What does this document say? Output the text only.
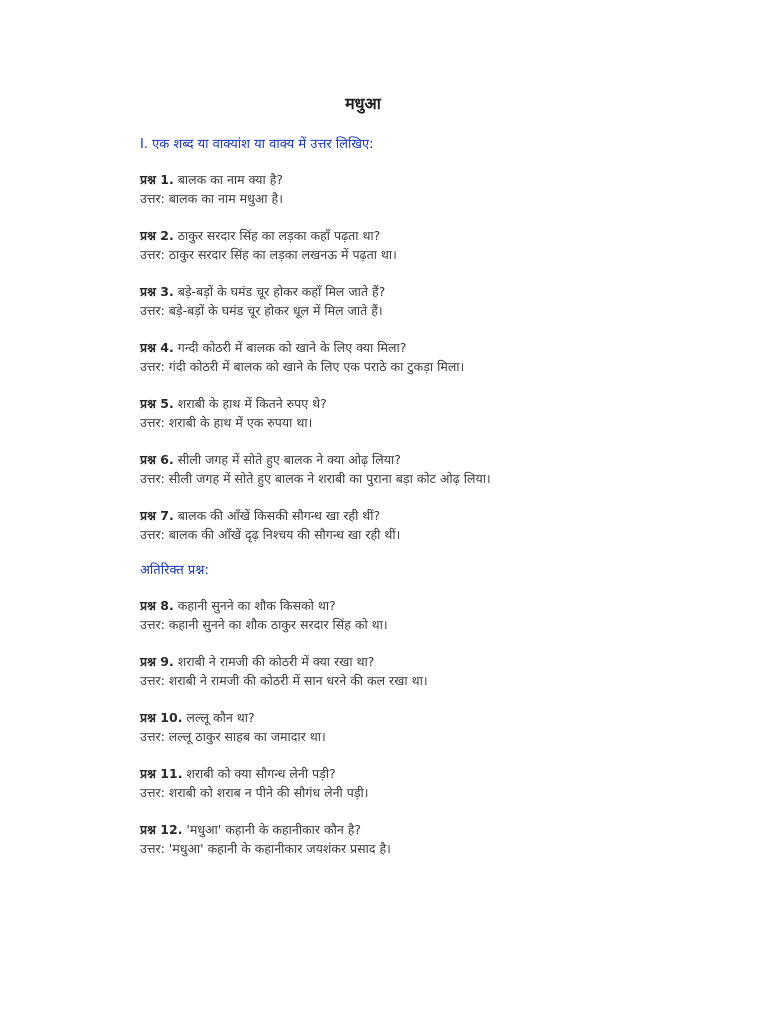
मधुआ
I. एक शब्द या वाक्यांश या वाक्य में उत्तर लिखिए:
प्रश्न 1. बालक का नाम क्या है?
उत्तर: बालक का नाम मधुआ है।
प्रश्न 2. ठाकुर सरदार सिंह का लड़का कहाँ पढ़ता था?
उत्तर: ठाकुर सरदार सिंह का लड़का लखनऊ में पढ़ता था।
प्रश्न 3. बड़े-बड़ों के घमंड चूर होकर कहाँ मिल जाते हैं?
उत्तर: बड़े-बड़ों के घमंड चूर होकर धूल में मिल जाते हैं।
प्रश्न 4. गन्दी कोठरी में बालक को खाने के लिए क्या मिला?
उत्तर: गंदी कोठरी में बालक को खाने के लिए एक पराठे का टुकड़ा मिला।
प्रश्न 5. शराबी के हाथ में कितने रुपए थे?
उत्तर: शराबी के हाथ में एक रुपया था।
प्रश्न 6. सीली जगह में सोते हुए बालक ने क्या ओढ़ लिया?
उत्तर: सीली जगह में सोते हुए बालक ने शराबी का पुराना बड़ा कोट ओढ़ लिया।
प्रश्न 7. बालक की आँखें किसकी सौगन्ध खा रही थीं?
उत्तर: बालक की आँखें दृढ़ निश्चय की सौगन्ध खा रही थीं।
अतिरिक्त प्रश्न:
प्रश्न 8. कहानी सुनने का शौक किसको था?
उत्तर: कहानी सुनने का शौक ठाकुर सरदार सिंह को था।
प्रश्न 9. शराबी ने रामजी की कोठरी में क्या रखा था?
उत्तर: शराबी ने रामजी की कोठरी में सान धरने की कल रखा था।
प्रश्न 10. लल्लू कौन था?
उत्तर: लल्लू ठाकुर साहब का जमादार था।
प्रश्न 11. शराबी को क्या सौगन्ध लेनी पड़ी?
उत्तर: शराबी को शराब न पीने की सौगंध लेनी पड़ी।
प्रश्न 12. 'मधुआ' कहानी के कहानीकार कौन है?
उत्तर: 'मधुआ' कहानी के कहानीकार जयशंकर प्रसाद है।
